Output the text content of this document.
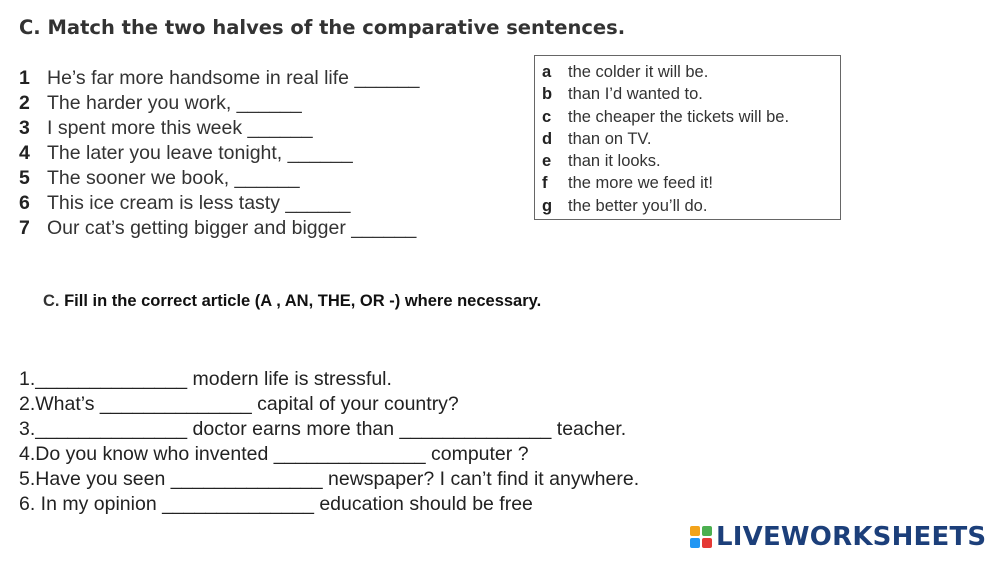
C. Match the two halves of the comparative sentences.
1 He’s far more handsome in real life ______
2 The harder you work, ______
3 I spent more this week ______
4 The later you leave tonight, ______
5 The sooner we book, ______
6 This ice cream is less tasty ______
7 Our cat’s getting bigger and bigger ______
a the colder it will be.
b than I’d wanted to.
c the cheaper the tickets will be.
d than on TV.
e than it looks.
f the more we feed it!
g the better you’ll do.
C. Fill in the correct article (A , AN, THE, OR -) where necessary.
1.______________ modern life is stressful.
2.What’s ______________ capital of your country?
3.______________ doctor earns more than ______________ teacher.
4.Do you know who invented ______________ computer ?
5.Have you seen ______________ newspaper? I can’t find it anywhere.
6. In my opinion ______________ education should be free
LIVEWORKSHEETS
